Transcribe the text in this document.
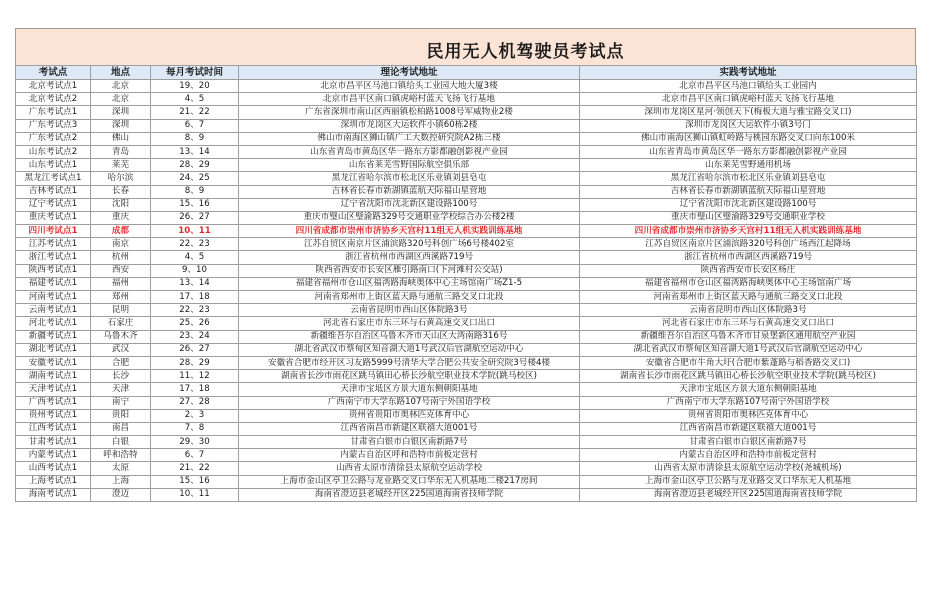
民用无人机驾驶员考试点
考试点	地点	每月考试时间	理论考试地址	实践考试地址
北京考试点1	北京	19、20	北京市昌平区马池口镇给头工业园大地大厦3楼	北京市昌平区马池口镇给头工业园内
北京考试点2	北京	4、5	北京市昌平区南口镇虎峪村蓝天飞扬飞行基地	北京市昌平区南口镇虎峪村蓝天飞扬飞行基地
广东考试点1	深圳	21、22	广东省深圳市南山区西丽镇松柏路1008号军威物业2楼	深圳市龙岗区星河·领创天下(梅板大道与雅宝路交叉口)
广东考试点3	深圳	6、7	深圳市龙岗区大运软件小镇60栋2楼	深圳市龙岗区大运软件小镇3号门
广东考试点2	佛山	8、9	佛山市南海区狮山镇广工大数控研究院A2栋三楼	佛山市南海区狮山镇虹岭路与桃园东路交叉口向东100米
山东考试点2	青岛	13、14	山东省青岛市黄岛区华一路东方影都融创影视产业园	山东省青岛市黄岛区华一路东方影都融创影视产业园
山东考试点1	莱芜	28、29	山东省莱芜雪野国际航空俱乐部	山东莱芜雪野通用机场
黑龙江考试点1	哈尔滨	24、25	黑龙江省哈尔滨市松北区乐业镇刘县皂屯	黑龙江省哈尔滨市松北区乐业镇刘县皂屯
吉林考试点1	长春	8、9	吉林省长春市新湖镇蓝航天际福山星营地	吉林省长春市新湖镇蓝航天际福山星营地
辽宁考试点1	沈阳	15、16	辽宁省沈阳市沈北新区建设路100号	辽宁省沈阳市沈北新区建设路100号
重庆考试点1	重庆	26、27	重庆市璧山区璧渝路329号交通职业学校综合办公楼2楼	重庆市璧山区璧渝路329号交通职业学校
四川考试点1	成都	10、11	四川省成都市崇州市济协乡天宫村11组无人机实践训练基地	四川省成都市崇州市济协乡天宫村11组无人机实践训练基地
江苏考试点1	南京	22、23	江苏自贸区南京片区浦滨路320号科创广场6号楼402室	江苏自贸区南京片区浦滨路320号科创广场西江起降场
浙江考试点1	杭州	4、5	浙江省杭州市西湖区西溪路719号	浙江省杭州市西湖区西溪路719号
陕西考试点1	西安	9、10	陕西省西安市长安区雁引路南口(下河滩村公交站)	陕西省西安市长安区杨庄
福建考试点1	福州	13、14	福建省福州市仓山区福湾路海峡奥体中心主场馆南广场Z1-5	福建省福州市仓山区福湾路海峡奥体中心主场馆南广场
河南考试点1	郑州	17、18	河南省郑州市上街区蓝天路与通航三路交叉口北段	河南省郑州市上街区蓝天路与通航三路交叉口北段
云南考试点1	昆明	22、23	云南省昆明市西山区体院路3号	云南省昆明市西山区体院路3号
河北考试点1	石家庄	25、26	河北省石家庄市东三环与石黄高速交叉口出口	河北省石家庄市东三环与石黄高速交叉口出口
新疆考试点1	乌鲁木齐	23、24	新疆维吾尔自治区乌鲁木齐市天山区大湾南路316号	新疆维吾尔自治区乌鲁木齐市甘泉堡新区通用航空产业园
湖北考试点1	武汉	26、27	湖北省武汉市蔡甸区知音湖大道1号武汉后官湖航空运动中心	湖北省武汉市蔡甸区知音湖大道1号武汉后官湖航空运动中心
安徽考试点1	合肥	28、29	安徽省合肥市经开区习友路5999号清华大学合肥公共安全研究院3号楼4楼	安徽省合肥市牛角大圩(合肥市紫蓬路与稻香路交叉口)
湖南考试点1	长沙	11、12	湖南省长沙市雨花区跳马镇田心桥长沙航空职业技术学院(跳马校区)	湖南省长沙市雨花区跳马镇田心桥长沙航空职业技术学院(跳马校区)
天津考试点1	天津	17、18	天津市宝坻区方景大道东侧朝阳基地	天津市宝坻区方景大道东侧朝阳基地
广西考试点1	南宁	27、28	广西南宁市大学东路107号南宁外国语学校	广西南宁市大学东路107号南宁外国语学校
贵州考试点1	贵阳	2、3	贵州省贵阳市奥林匹克体育中心	贵州省贵阳市奥林匹克体育中心
江西考试点1	南昌	7、8	江西省南昌市新建区联禧大道001号	江西省南昌市新建区联禧大道001号
甘肃考试点1	白银	29、30	甘肃省白银市白银区南新路7号	甘肃省白银市白银区南新路7号
内蒙考试点1	呼和浩特	6、7	内蒙古自治区呼和浩特市前板定营村	内蒙古自治区呼和浩特市前板定营村
山西考试点1	太原	21、22	山西省太原市清徐县太原航空运动学校	山西省太原市清徐县太原航空运动学校(尧城机场)
上海考试点1	上海	15、16	上海市金山区亭卫公路与龙业路交叉口华东无人机基地二楼217房间	上海市金山区亭卫公路与龙业路交叉口华东无人机基地
海南考试点1	澄迈	10、11	海南省澄迈县老城经开区225国道海南省技师学院	海南省澄迈县老城经开区225国道海南省技师学院
